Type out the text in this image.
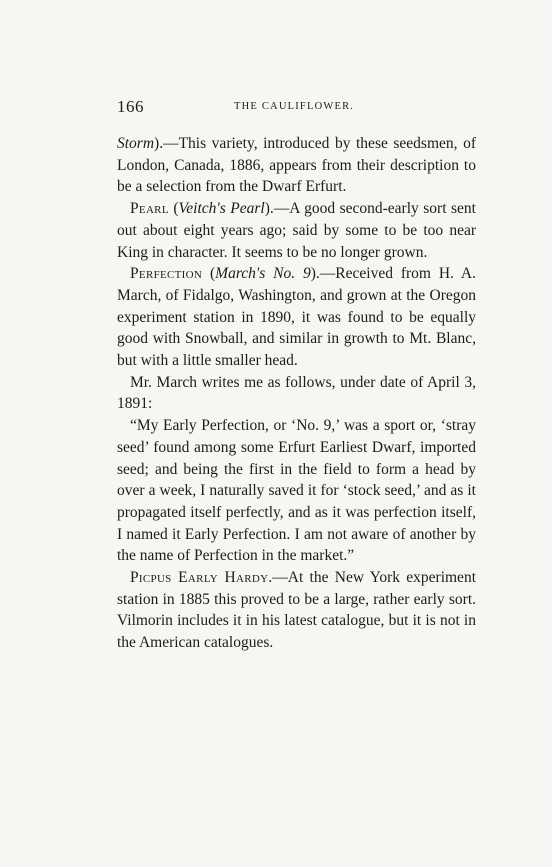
166	THE CAULIFLOWER.

Storm).—This variety, introduced by these seedsmen, of London, Canada, 1886, appears from their description to be a selection from the Dwarf Erfurt.

Pearl (Veitch's Pearl).—A good second-early sort sent out about eight years ago; said by some to be too near King in character. It seems to be no longer grown.

Perfection (March's No. 9).—Received from H. A. March, of Fidalgo, Washington, and grown at the Oregon experiment station in 1890, it was found to be equally good with Snowball, and similar in growth to Mt. Blanc, but with a little smaller head.

Mr. March writes me as follows, under date of April 3, 1891:

“My Early Perfection, or ‘No. 9,’ was a sport or, ‘stray seed’ found among some Erfurt Earliest Dwarf, imported seed; and being the first in the field to form a head by over a week, I naturally saved it for ‘stock seed,’ and as it propagated itself perfectly, and as it was perfection itself, I named it Early Perfection. I am not aware of another by the name of Perfection in the market.”

Picpus Early Hardy.—At the New York experiment station in 1885 this proved to be a large, rather early sort. Vilmorin includes it in his latest catalogue, but it is not in the American catalogues.
